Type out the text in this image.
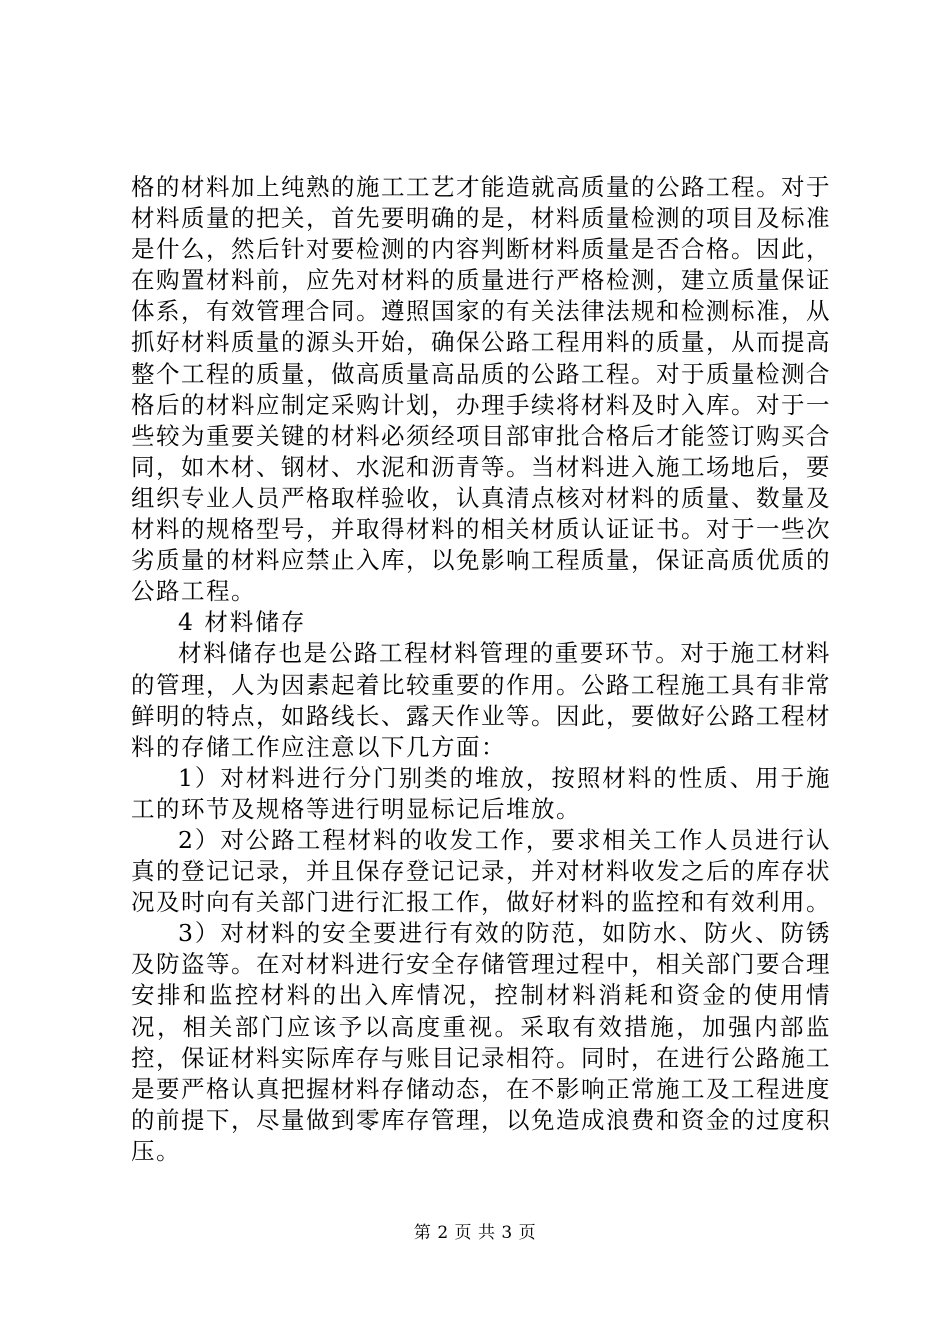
格的材料加上纯熟的施工工艺才能造就高质量的公路工程。对于材料质量的把关，首先要明确的是，材料质量检测的项目及标准是什么，然后针对要检测的内容判断材料质量是否合格。因此，在购置材料前，应先对材料的质量进行严格检测，建立质量保证体系，有效管理合同。遵照国家的有关法律法规和检测标准，从抓好材料质量的源头开始，确保公路工程用料的质量，从而提高整个工程的质量，做高质量高品质的公路工程。对于质量检测合格后的材料应制定采购计划，办理手续将材料及时入库。对于一些较为重要关键的材料必须经项目部审批合格后才能签订购买合同，如木材、钢材、水泥和沥青等。当材料进入施工场地后，要组织专业人员严格取样验收，认真清点核对材料的质量、数量及材料的规格型号，并取得材料的相关材质认证证书。对于一些次劣质量的材料应禁止入库，以免影响工程质量，保证高质优质的公路工程。

4 材料储存

材料储存也是公路工程材料管理的重要环节。对于施工材料的管理，人为因素起着比较重要的作用。公路工程施工具有非常鲜明的特点，如路线长、露天作业等。因此，要做好公路工程材料的存储工作应注意以下几方面：

1）对材料进行分门别类的堆放，按照材料的性质、用于施工的环节及规格等进行明显标记后堆放。

2）对公路工程材料的收发工作，要求相关工作人员进行认真的登记记录，并且保存登记记录，并对材料收发之后的库存状况及时向有关部门进行汇报工作，做好材料的监控和有效利用。

3）对材料的安全要进行有效的防范，如防水、防火、防锈及防盗等。在对材料进行安全存储管理过程中，相关部门要合理安排和监控材料的出入库情况，控制材料消耗和资金的使用情况，相关部门应该予以高度重视。采取有效措施，加强内部监控，保证材料实际库存与账目记录相符。同时，在进行公路施工是要严格认真把握材料存储动态，在不影响正常施工及工程进度的前提下，尽量做到零库存管理，以免造成浪费和资金的过度积压。

第 2 页 共 3 页
